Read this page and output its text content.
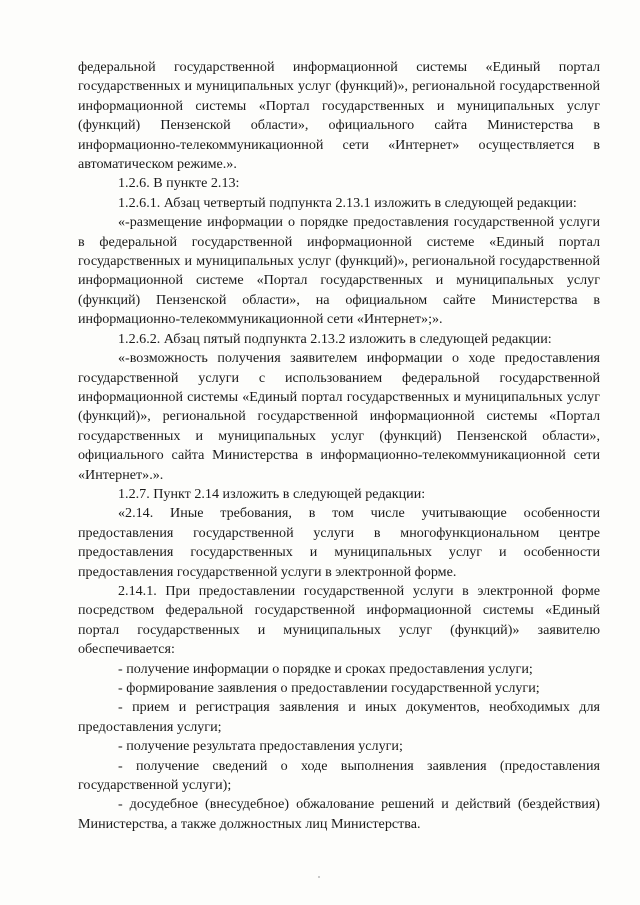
федеральной государственной информационной системы «Единый портал государственных и муниципальных услуг (функций)», региональной государственной информационной системы «Портал государственных и муниципальных услуг (функций) Пензенской области», официального сайта Министерства в информационно-телекоммуникационной сети «Интернет» осуществляется в автоматическом режиме.».

1.2.6. В пункте 2.13:

1.2.6.1. Абзац четвертый подпункта 2.13.1 изложить в следующей редакции:

«-размещение информации о порядке предоставления государственной услуги в федеральной государственной информационной системе «Единый портал государственных и муниципальных услуг (функций)», региональной государственной информационной системе «Портал государственных и муниципальных услуг (функций) Пензенской области», на официальном сайте Министерства в информационно-телекоммуникационной сети «Интернет»;».

1.2.6.2. Абзац пятый подпункта 2.13.2 изложить в следующей редакции:

«-возможность получения заявителем информации о ходе предоставления государственной услуги с использованием федеральной государственной информационной системы «Единый портал государственных и муниципальных услуг (функций)», региональной государственной информационной системы «Портал государственных и муниципальных услуг (функций) Пензенской области», официального сайта Министерства в информационно-телекоммуникационной сети «Интернет».».

1.2.7. Пункт 2.14 изложить в следующей редакции:

«2.14. Иные требования, в том числе учитывающие особенности предоставления государственной услуги в многофункциональном центре предоставления государственных и муниципальных услуг и особенности предоставления государственной услуги в электронной форме.

2.14.1. При предоставлении государственной услуги в электронной форме посредством федеральной государственной информационной системы «Единый портал государственных и муниципальных услуг (функций)» заявителю обеспечивается:

- получение информации о порядке и сроках предоставления услуги;

- формирование заявления о предоставлении государственной услуги;

- прием и регистрация заявления и иных документов, необходимых для предоставления услуги;

- получение результата предоставления услуги;

- получение сведений о ходе выполнения заявления (предоставления государственной услуги);

- досудебное (внесудебное) обжалование решений и действий (бездействия) Министерства, а также должностных лиц Министерства.
